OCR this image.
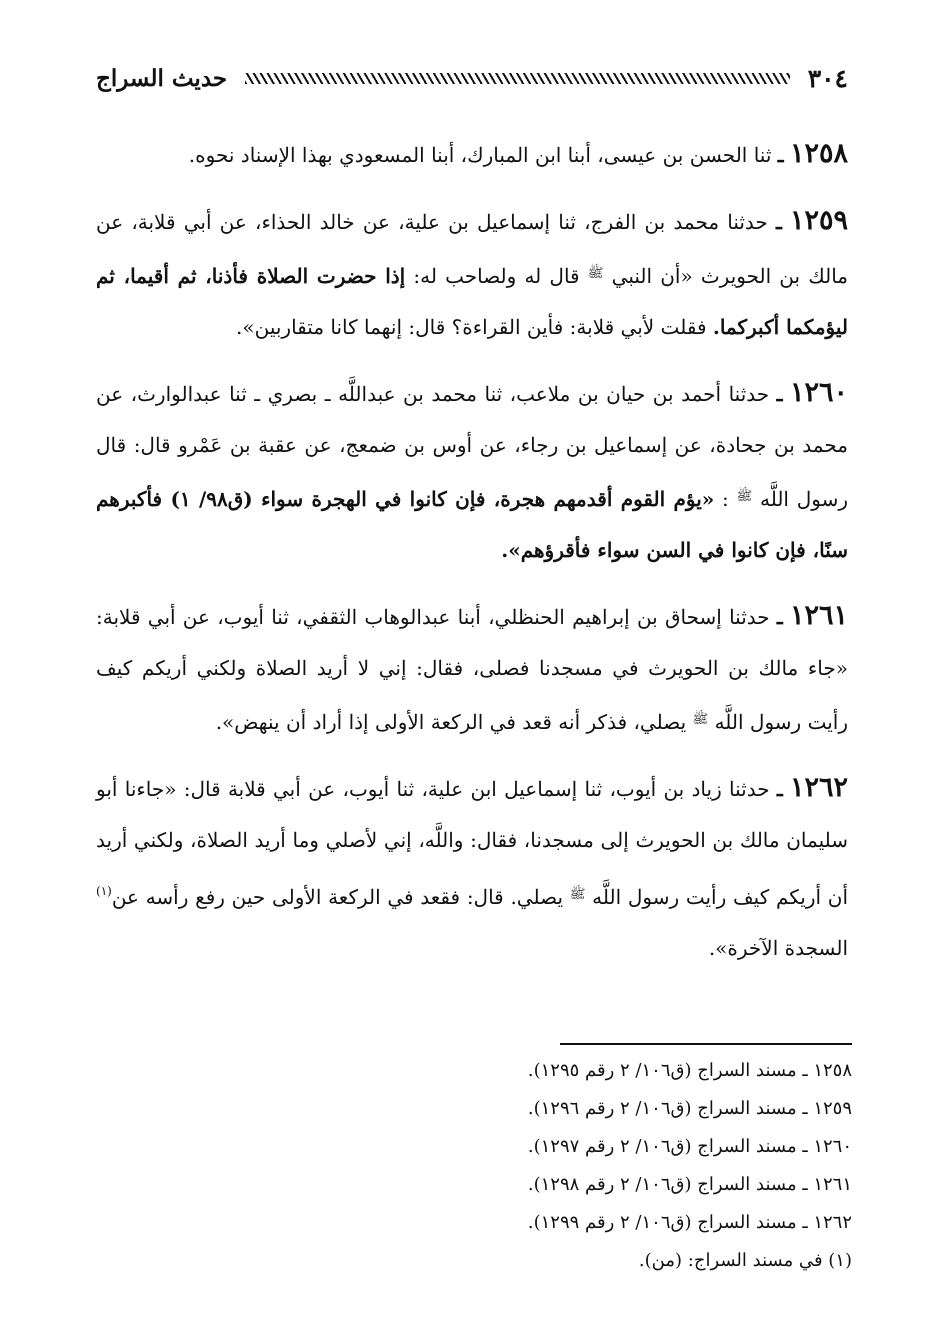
٣٠٤
حديث السراج

١٢٥٨ ـ ثنا الحسن بن عيسى، أبنا ابن المبارك، أبنا المسعودي بهذا الإسناد نحوه.

١٢٥٩ ـ حدثنا محمد بن الفرج، ثنا إسماعيل بن علية، عن خالد الحذاء، عن أبي قلابة، عن مالك بن الحويرث «أن النبي $^ﷺ$ قال له ولصاحب له: إذا حضرت الصلاة فأذنا، ثم أقيما، ثم ليؤمكما أكبركما. فقلت لأبي قلابة: فأين القراءة؟ قال: إنهما كانا متقاربين».

١٢٦٠ ـ حدثنا أحمد بن حيان بن ملاعب، ثنا محمد بن عبداللَّه ـ بصري ـ ثنا عبدالوارث، عن محمد بن جحادة، عن إسماعيل بن رجاء، عن أوس بن ضمعج، عن عقبة بن عَمْرو قال: قال رسول اللَّه $^ﷺ$ : «يؤم القوم أقدمهم هجرة، فإن كانوا في الهجرة سواء (ق٩٨/ ١) فأكبرهم سنًا، فإن كانوا في السن سواء فأقرؤهم».

١٢٦١ ـ حدثنا إسحاق بن إبراهيم الحنظلي، أبنا عبدالوهاب الثقفي، ثنا أيوب، عن أبي قلابة: «جاء مالك بن الحويرث في مسجدنا فصلى، فقال: إني لا أريد الصلاة ولكني أريكم كيف رأيت رسول اللَّه $^ﷺ$ يصلي، فذكر أنه قعد في الركعة الأولى إذا أراد أن ينهض».

١٢٦٢ ـ حدثنا زياد بن أيوب، ثنا إسماعيل ابن علية، ثنا أيوب، عن أبي قلابة قال: «جاءنا أبو سليمان مالك بن الحويرث إلى مسجدنا، فقال: واللَّه، إني لأصلي وما أريد الصلاة، ولكني أريد أن أريكم كيف رأيت رسول اللَّه $^ﷺ$ يصلي. قال: فقعد في الركعة الأولى حين رفع رأسه عن$^{(١)}$ السجدة الآخرة».

١٢٥٨ ـ مسند السراج (ق١٠٦/ ٢ رقم ١٢٩٥).
١٢٥٩ ـ مسند السراج (ق١٠٦/ ٢ رقم ١٢٩٦).
١٢٦٠ ـ مسند السراج (ق١٠٦/ ٢ رقم ١٢٩٧).
١٢٦١ ـ مسند السراج (ق١٠٦/ ٢ رقم ١٢٩٨).
١٢٦٢ ـ مسند السراج (ق١٠٦/ ٢ رقم ١٢٩٩).
(١) في مسند السراج: (من).
